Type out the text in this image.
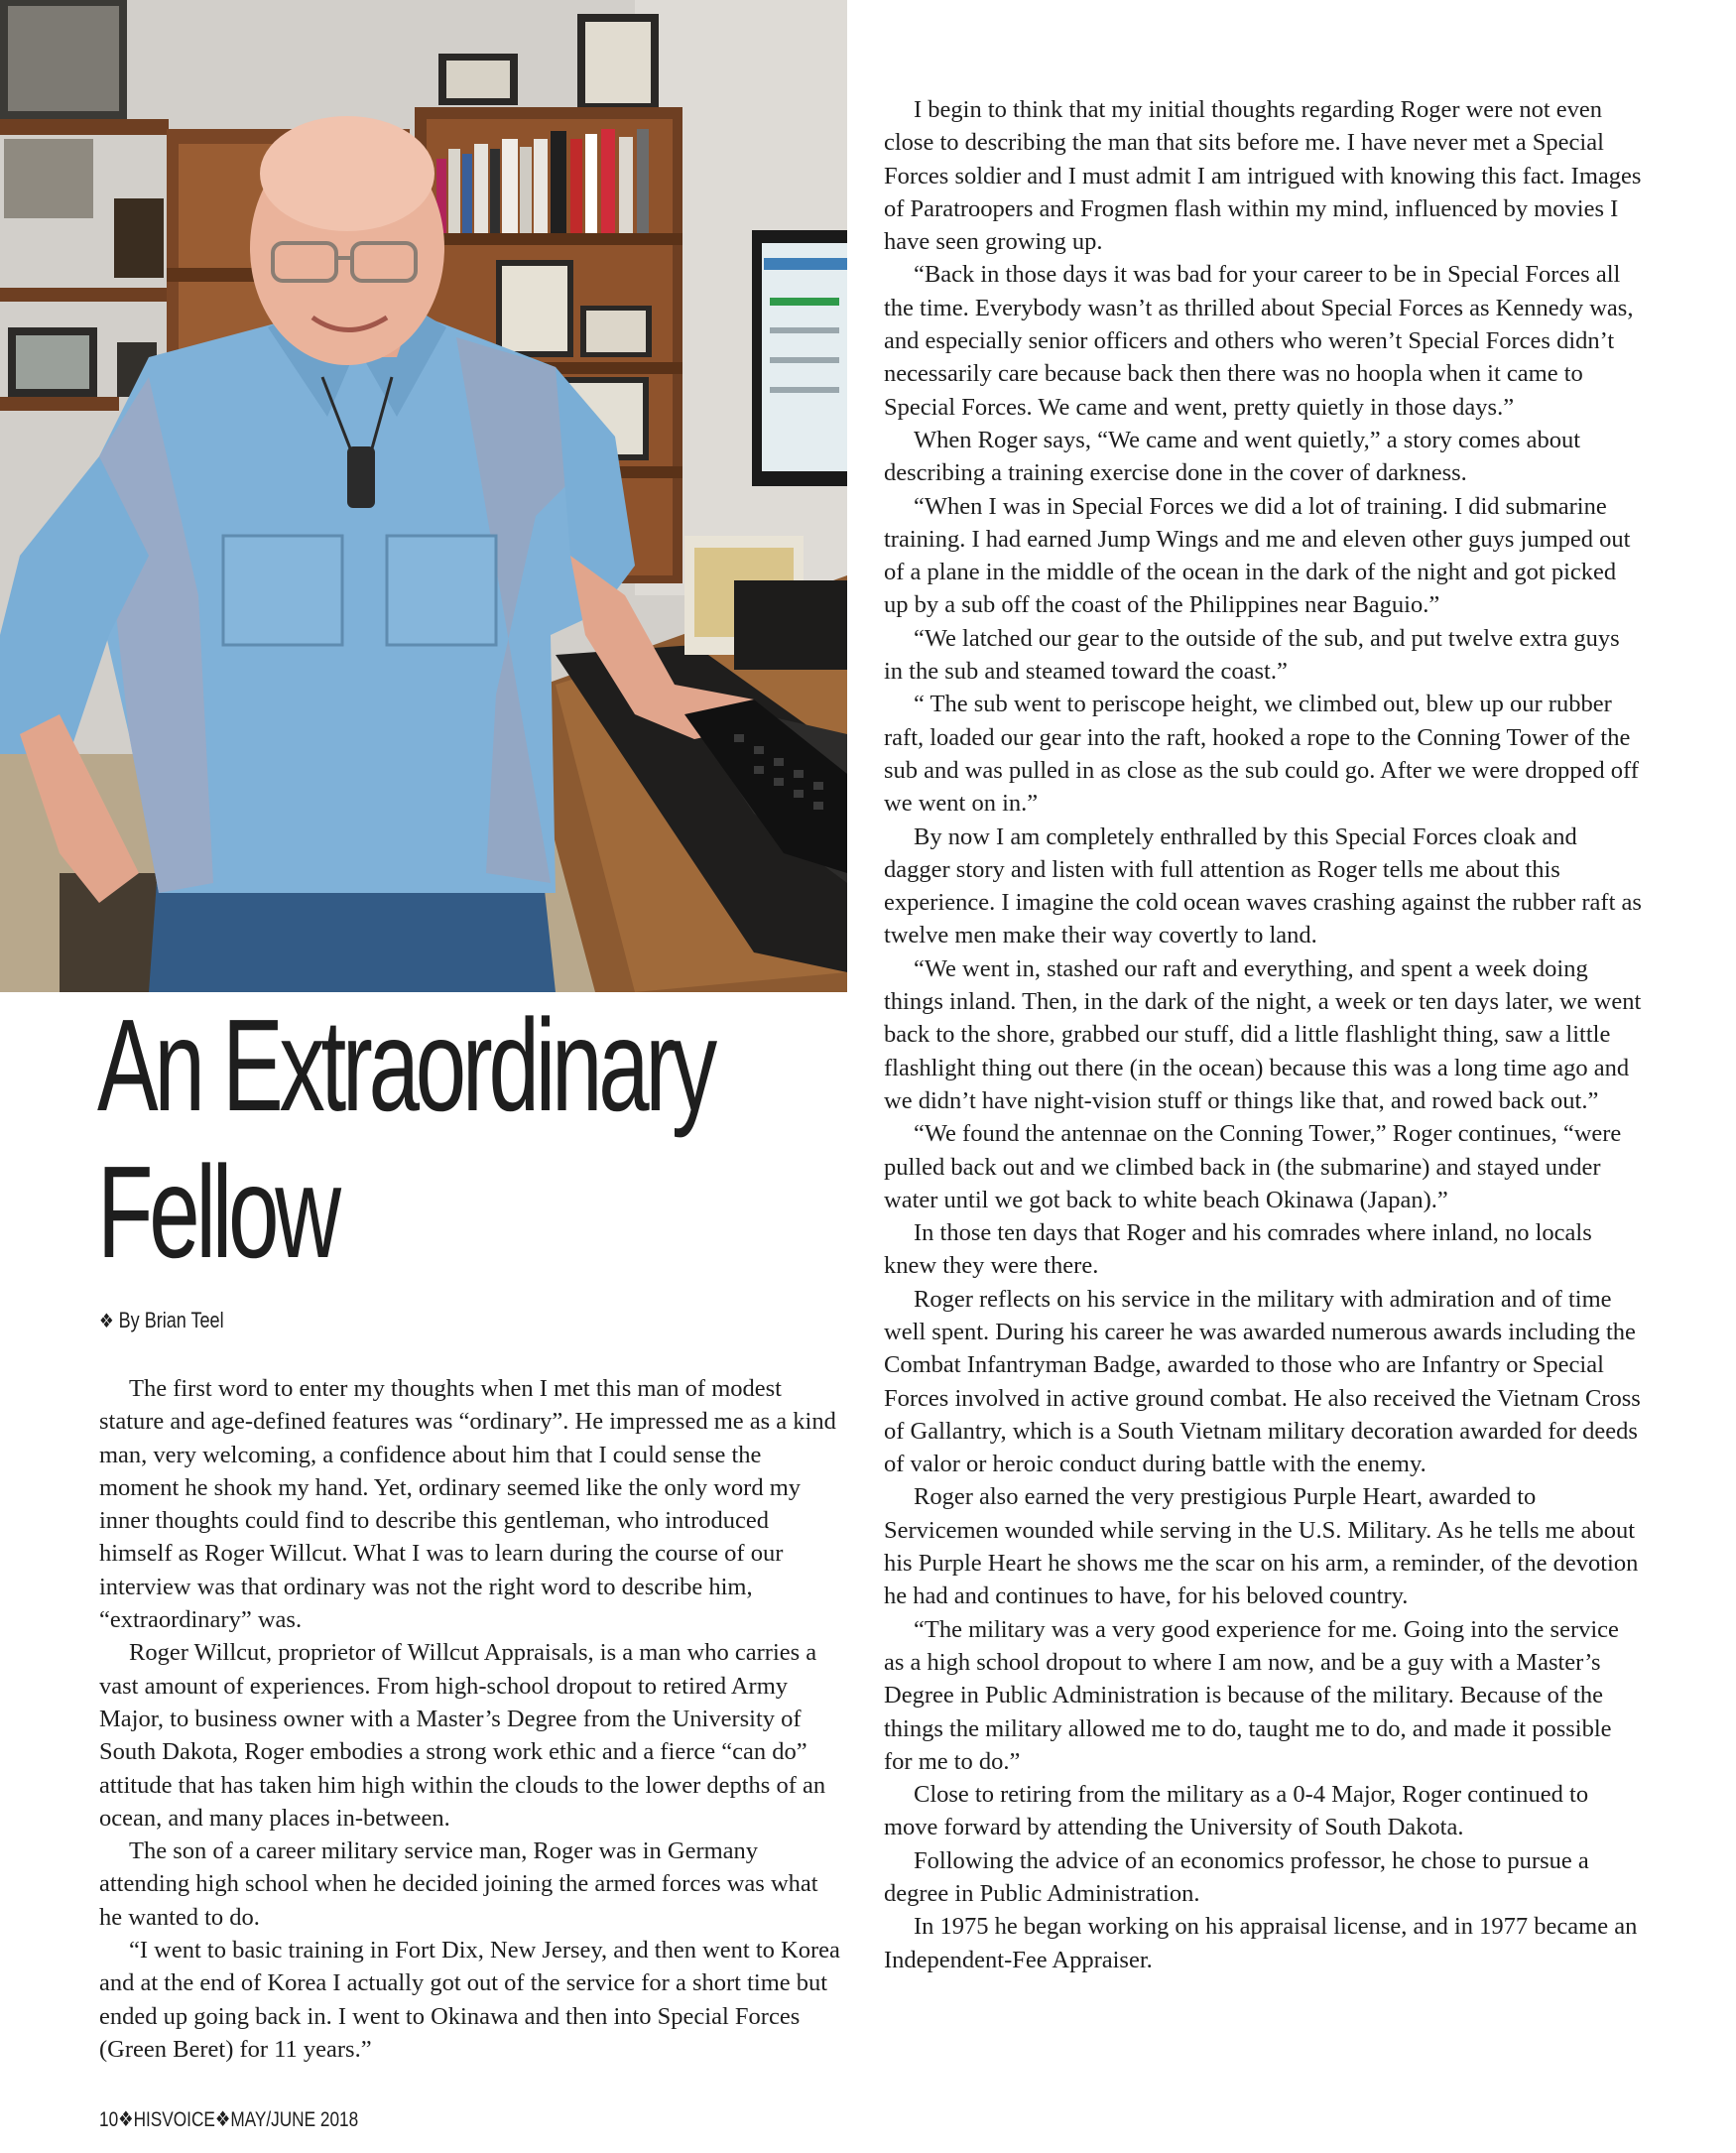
An Extraordinary
Fellow
❖ By Brian Teel

The first word to enter my thoughts when I met this man of modest stature and age-defined features was “ordinary”. He impressed me as a kind man, very welcoming, a confidence about him that I could sense the moment he shook my hand. Yet, ordinary seemed like the only word my inner thoughts could find to describe this gentleman, who introduced himself as Roger Willcut. What I was to learn during the course of our interview was that ordinary was not the right word to describe him, “extraordinary” was.

Roger Willcut, proprietor of Willcut Appraisals, is a man who carries a vast amount of experiences. From high-school dropout to retired Army Major, to business owner with a Master’s Degree from the University of South Dakota, Roger embodies a strong work ethic and a fierce “can do” attitude that has taken him high within the clouds to the lower depths of an ocean, and many places in-between.

The son of a career military service man, Roger was in Germany attending high school when he decided joining the armed forces was what he wanted to do.

“I went to basic training in Fort Dix, New Jersey, and then went to Korea and at the end of Korea I actually got out of the service for a short time but ended up going back in. I went to Okinawa and then into Special Forces (Green Beret) for 11 years.”

I begin to think that my initial thoughts regarding Roger were not even close to describing the man that sits before me. I have never met a Special Forces soldier and I must admit I am intrigued with knowing this fact. Images of Paratroopers and Frogmen flash within my mind, influenced by movies I have seen growing up.

“Back in those days it was bad for your career to be in Special Forces all the time. Everybody wasn’t as thrilled about Special Forces as Kennedy was, and especially senior officers and others who weren’t Special Forces didn’t necessarily care because back then there was no hoopla when it came to Special Forces. We came and went, pretty quietly in those days.”

When Roger says, “We came and went quietly,” a story comes about describing a training exercise done in the cover of darkness.

“When I was in Special Forces we did a lot of training. I did submarine training. I had earned Jump Wings and me and eleven other guys jumped out of a plane in the middle of the ocean in the dark of the night and got picked up by a sub off the coast of the Philippines near Baguio.”

“We latched our gear to the outside of the sub, and put twelve extra guys in the sub and steamed toward the coast.”

“ The sub went to periscope height, we climbed out, blew up our rubber raft, loaded our gear into the raft, hooked a rope to the Conning Tower of the sub and was pulled in as close as the sub could go. After we were dropped off we went on in.”

By now I am completely enthralled by this Special Forces cloak and dagger story and listen with full attention as Roger tells me about this experience. I imagine the cold ocean waves crashing against the rubber raft as twelve men make their way covertly to land.

“We went in, stashed our raft and everything, and spent a week doing things inland. Then, in the dark of the night, a week or ten days later, we went back to the shore, grabbed our stuff, did a little flashlight thing, saw a little flashlight thing out there (in the ocean) because this was a long time ago and we didn’t have night-vision stuff or things like that, and rowed back out.”

“We found the antennae on the Conning Tower,” Roger continues, “were pulled back out and we climbed back in (the submarine) and stayed under water until we got back to white beach Okinawa (Japan).”

In those ten days that Roger and his comrades where inland, no locals knew they were there.

Roger reflects on his service in the military with admiration and of time well spent. During his career he was awarded numerous awards including the Combat Infantryman Badge, awarded to those who are Infantry or Special Forces involved in active ground combat. He also received the Vietnam Cross of Gallantry, which is a South Vietnam military decoration awarded for deeds of valor or heroic conduct during battle with the enemy.

Roger also earned the very prestigious Purple Heart, awarded to Servicemen wounded while serving in the U.S. Military. As he tells me about his Purple Heart he shows me the scar on his arm, a reminder, of the devotion he had and continues to have, for his beloved country.

“The military was a very good experience for me. Going into the service as a high school dropout to where I am now, and be a guy with a Master’s Degree in Public Administration is because of the military. Because of the things the military allowed me to do, taught me to do, and made it possible for me to do.”

Close to retiring from the military as a 0-4 Major, Roger continued to move forward by attending the University of South Dakota.

Following the advice of an economics professor, he chose to pursue a degree in Public Administration.

In 1975 he began working on his appraisal license, and in 1977 became an Independent-Fee Appraiser.

10❖HISVOICE❖MAY/JUNE 2018
